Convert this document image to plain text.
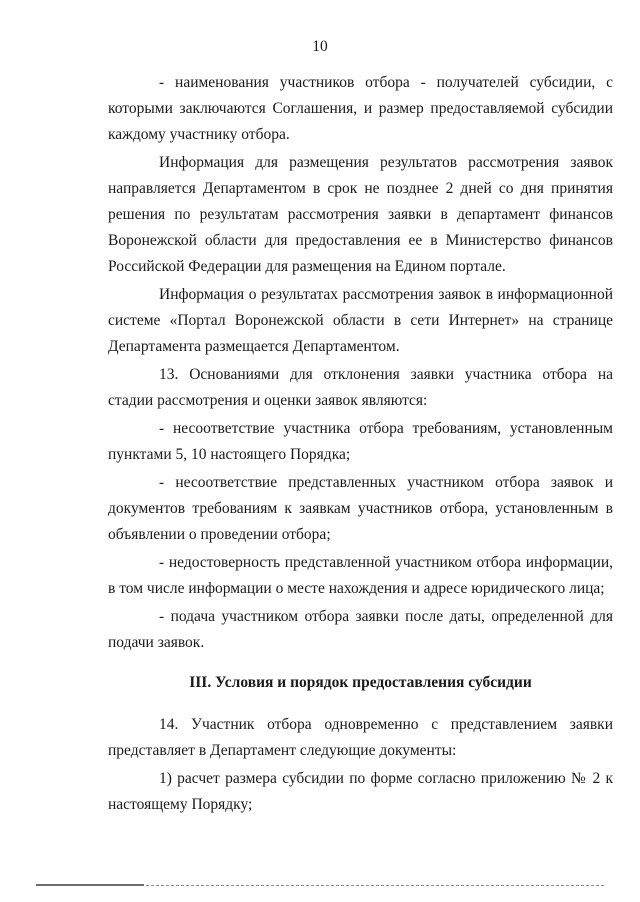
10

- наименования участников отбора - получателей субсидии, с которыми заключаются Соглашения, и размер предоставляемой субсидии каждому участнику отбора.

Информация для размещения результатов рассмотрения заявок направляется Департаментом в срок не позднее 2 дней со дня принятия решения по результатам рассмотрения заявки в департамент финансов Воронежской области для предоставления ее в Министерство финансов Российской Федерации для размещения на Едином портале.

Информация о результатах рассмотрения заявок в информационной системе «Портал Воронежской области в сети Интернет» на странице Департамента размещается Департаментом.

13. Основаниями для отклонения заявки участника отбора на стадии рассмотрения и оценки заявок являются:

- несоответствие участника отбора требованиям, установленным пунктами 5, 10 настоящего Порядка;

- несоответствие представленных участником отбора заявок и документов требованиям к заявкам участников отбора, установленным в объявлении о проведении отбора;

- недостоверность представленной участником отбора информации, в том числе информации о месте нахождения и адресе юридического лица;

- подача участником отбора заявки после даты, определенной для подачи заявок.

III. Условия и порядок предоставления субсидии

14. Участник отбора одновременно с представлением заявки представляет в Департамент следующие документы:

1) расчет размера субсидии по форме согласно приложению № 2 к настоящему Порядку;
